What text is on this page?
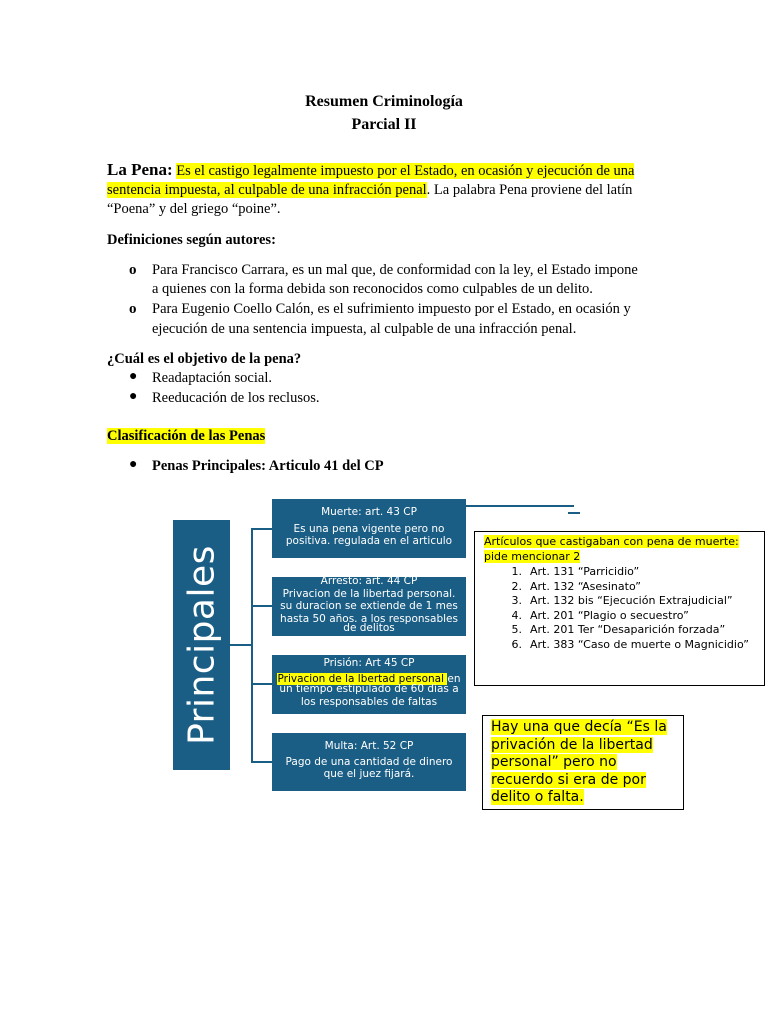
Resumen Criminología
Parcial II
La Pena: Es el castigo legalmente impuesto por el Estado, en ocasión y ejecución de una
sentencia impuesta, al culpable de una infracción penal. La palabra Pena proviene del latín
“Poena” y del griego “poine”.
Definiciones según autores:
o Para Francisco Carrara, es un mal que, de conformidad con la ley, el Estado impone
a quienes con la forma debida son reconocidos como culpables de un delito.
o Para Eugenio Coello Calón, es el sufrimiento impuesto por el Estado, en ocasión y
ejecución de una sentencia impuesta, al culpable de una infracción penal.
¿Cuál es el objetivo de la pena?
● Readaptación social.
● Reeducación de los reclusos.
Clasificación de las Penas
● Penas Principales: Articulo 41 del CP
Principales
Muerte: art. 43 CP
Es una pena vigente pero no
positiva. regulada en el articulo
Arresto: art. 44 CP
Privacion de la libertad personal.
su duracion se extiende de 1 mes
hasta 50 años. a los responsables
de delitos
Prisión: Art 45 CP
Privacion de la lbertad personal en
un tiempo estipulado de 60 dias a
los responsables de faltas
Multa: Art. 52 CP
Pago de una cantidad de dinero
que el juez fijará.
Artículos que castigaban con pena de muerte: pide mencionar 2
1. Art. 131 “Parricidio”
2. Art. 132 “Asesinato”
3. Art. 132 bis “Ejecución Extrajudicial”
4. Art. 201 “Plagio o secuestro”
5. Art. 201 Ter “Desaparición forzada”
6. Art. 383 “Caso de muerte o Magnicidio”

Hay una que decía “Es la privación de la libertad personal” pero no recuerdo si era de por delito o falta.
